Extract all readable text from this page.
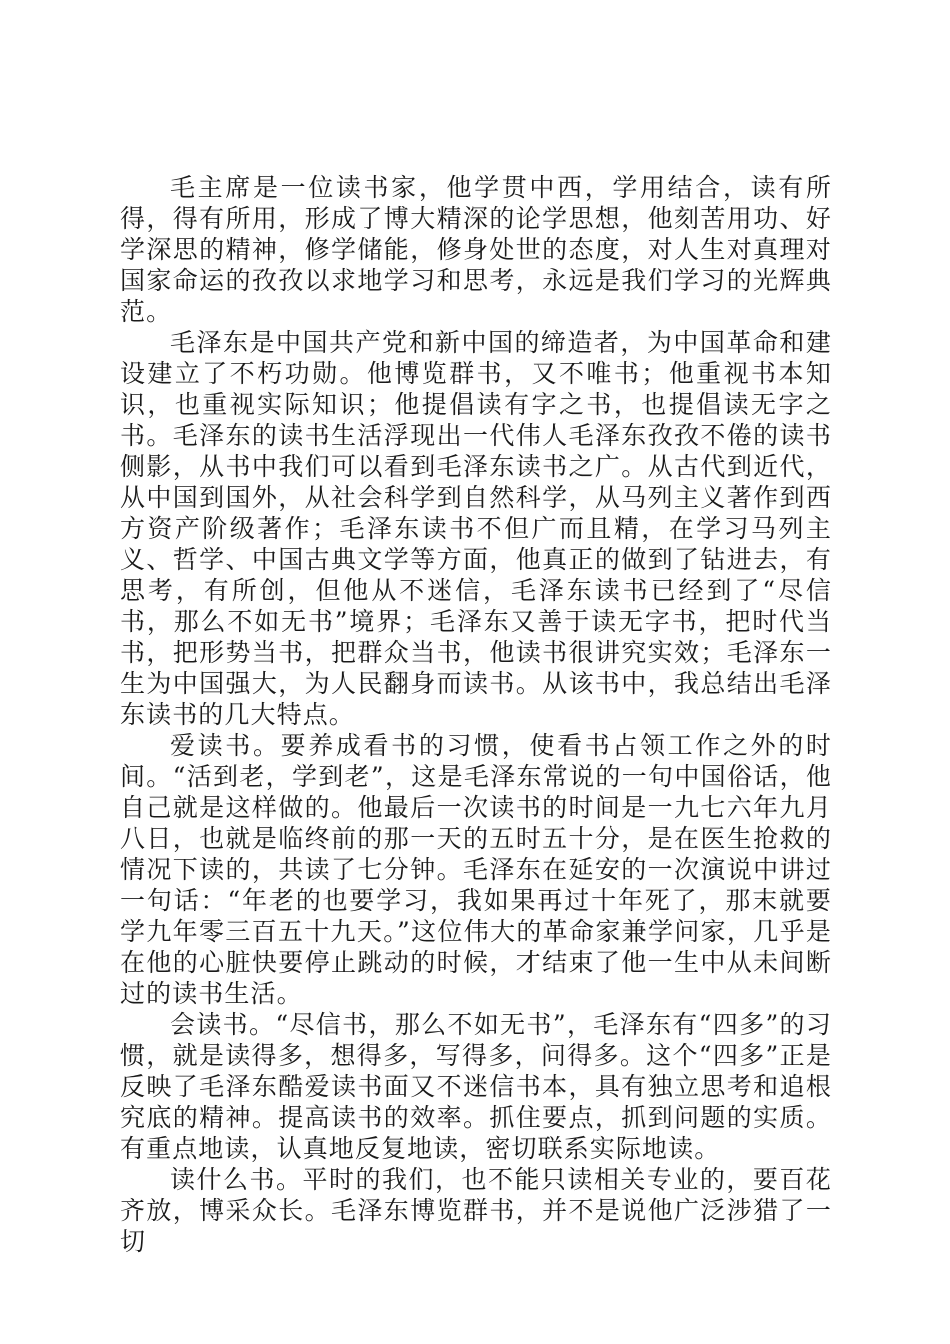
毛主席是一位读书家，他学贯中西，学用结合，读有所得，得有所用，形成了博大精深的论学思想，他刻苦用功、好学深思的精神，修学储能，修身处世的态度，对人生对真理对国家命运的孜孜以求地学习和思考，永远是我们学习的光辉典范。

毛泽东是中国共产党和新中国的缔造者，为中国革命和建设建立了不朽功勋。他博览群书，又不唯书；他重视书本知识，也重视实际知识；他提倡读有字之书，也提倡读无字之书。毛泽东的读书生活浮现出一代伟人毛泽东孜孜不倦的读书侧影，从书中我们可以看到毛泽东读书之广。从古代到近代，从中国到国外，从社会科学到自然科学，从马列主义著作到西方资产阶级著作；毛泽东读书不但广而且精，在学习马列主义、哲学、中国古典文学等方面，他真正的做到了钻进去，有思考，有所创，但他从不迷信，毛泽东读书已经到了“尽信书，那么不如无书”境界；毛泽东又善于读无字书，把时代当书，把形势当书，把群众当书，他读书很讲究实效；毛泽东一生为中国强大，为人民翻身而读书。从该书中，我总结出毛泽东读书的几大特点。

爱读书。要养成看书的习惯，使看书占领工作之外的时间。“活到老，学到老”，这是毛泽东常说的一句中国俗话，他自己就是这样做的。他最后一次读书的时间是一九七六年九月八日，也就是临终前的那一天的五时五十分，是在医生抢救的情况下读的，共读了七分钟。毛泽东在延安的一次演说中讲过一句话：“年老的也要学习，我如果再过十年死了，那末就要学九年零三百五十九天。”这位伟大的革命家兼学问家，几乎是在他的心脏快要停止跳动的时候，才结束了他一生中从未间断过的读书生活。

会读书。“尽信书，那么不如无书”，毛泽东有“四多”的习惯，就是读得多，想得多，写得多，问得多。这个“四多”正是反映了毛泽东酷爱读书面又不迷信书本，具有独立思考和追根究底的精神。提高读书的效率。抓住要点，抓到问题的实质。有重点地读，认真地反复地读，密切联系实际地读。

读什么书。平时的我们，也不能只读相关专业的，要百花齐放，博采众长。毛泽东博览群书，并不是说他广泛涉猎了一切
